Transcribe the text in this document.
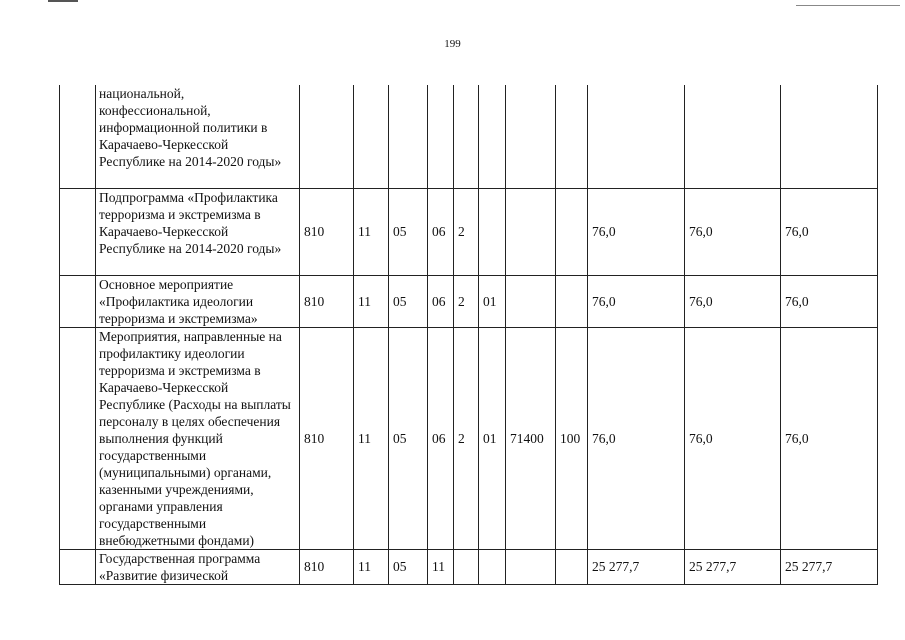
199
	национальной, конфессиональной, информационной политики в Карачаево-Черкесской Республике на 2014-2020 годы»											
	Подпрограмма «Профилактика терроризма и экстремизма в Карачаево-Черкесской Республике на 2014-2020 годы»	810	11	05	06	2				76,0	76,0	76,0
	Основное мероприятие «Профилактика идеологии терроризма и экстремизма»	810	11	05	06	2	01			76,0	76,0	76,0
	Мероприятия, направленные на профилактику идеологии терроризма и экстремизма в Карачаево-Черкесской Республике (Расходы на выплаты персоналу в целях обеспечения выполнения функций государственными (муниципальными) органами, казенными учреждениями, органами управления государственными внебюджетными фондами)	810	11	05	06	2	01	71400	100	76,0	76,0	76,0
	Государственная программа «Развитие физической	810	11	05	11					25 277,7	25 277,7	25 277,7
